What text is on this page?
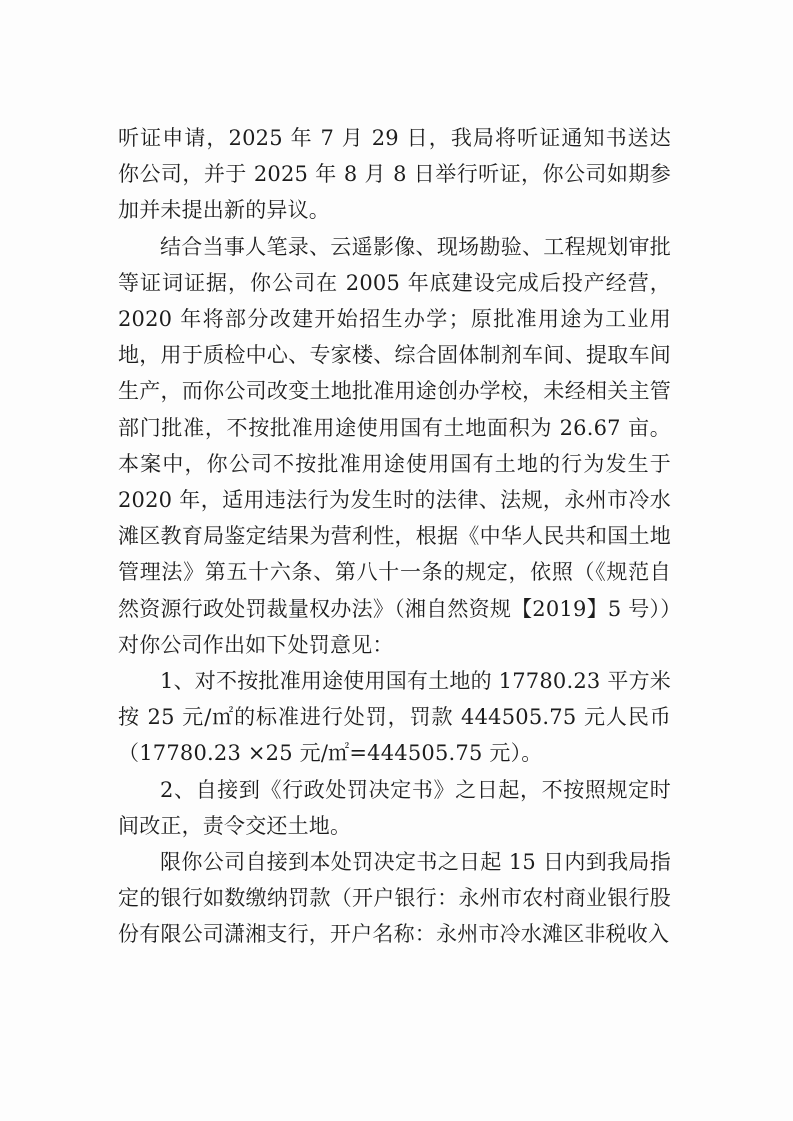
听证申请，2025 年 7 月 29 日，我局将听证通知书送达你公司，并于 2025 年 8 月 8 日举行听证，你公司如期参加并未提出新的异议。

结合当事人笔录、云遥影像、现场勘验、工程规划审批等证词证据，你公司在 2005 年底建设完成后投产经营，2020 年将部分改建开始招生办学；原批准用途为工业用地，用于质检中心、专家楼、综合固体制剂车间、提取车间生产，而你公司改变土地批准用途创办学校，未经相关主管部门批准，不按批准用途使用国有土地面积为 26.67 亩。本案中，你公司不按批准用途使用国有土地的行为发生于 2020 年，适用违法行为发生时的法律、法规，永州市冷水滩区教育局鉴定结果为营利性，根据《中华人民共和国土地管理法》第五十六条、第八十一条的规定，依照（《规范自然资源行政处罚裁量权办法》（湘自然资规【2019】5 号））对你公司作出如下处罚意见：

1、对不按批准用途使用国有土地的 17780.23 平方米按 25 元/㎡的标准进行处罚，罚款 444505.75 元人民币（17780.23 ×25 元/㎡=444505.75 元）。

2、自接到《行政处罚决定书》之日起，不按照规定时间改正，责令交还土地。

限你公司自接到本处罚决定书之日起 15 日内到我局指定的银行如数缴纳罚款（开户银行：永州市农村商业银行股份有限公司潇湘支行，开户名称：永州市冷水滩区非税收入
